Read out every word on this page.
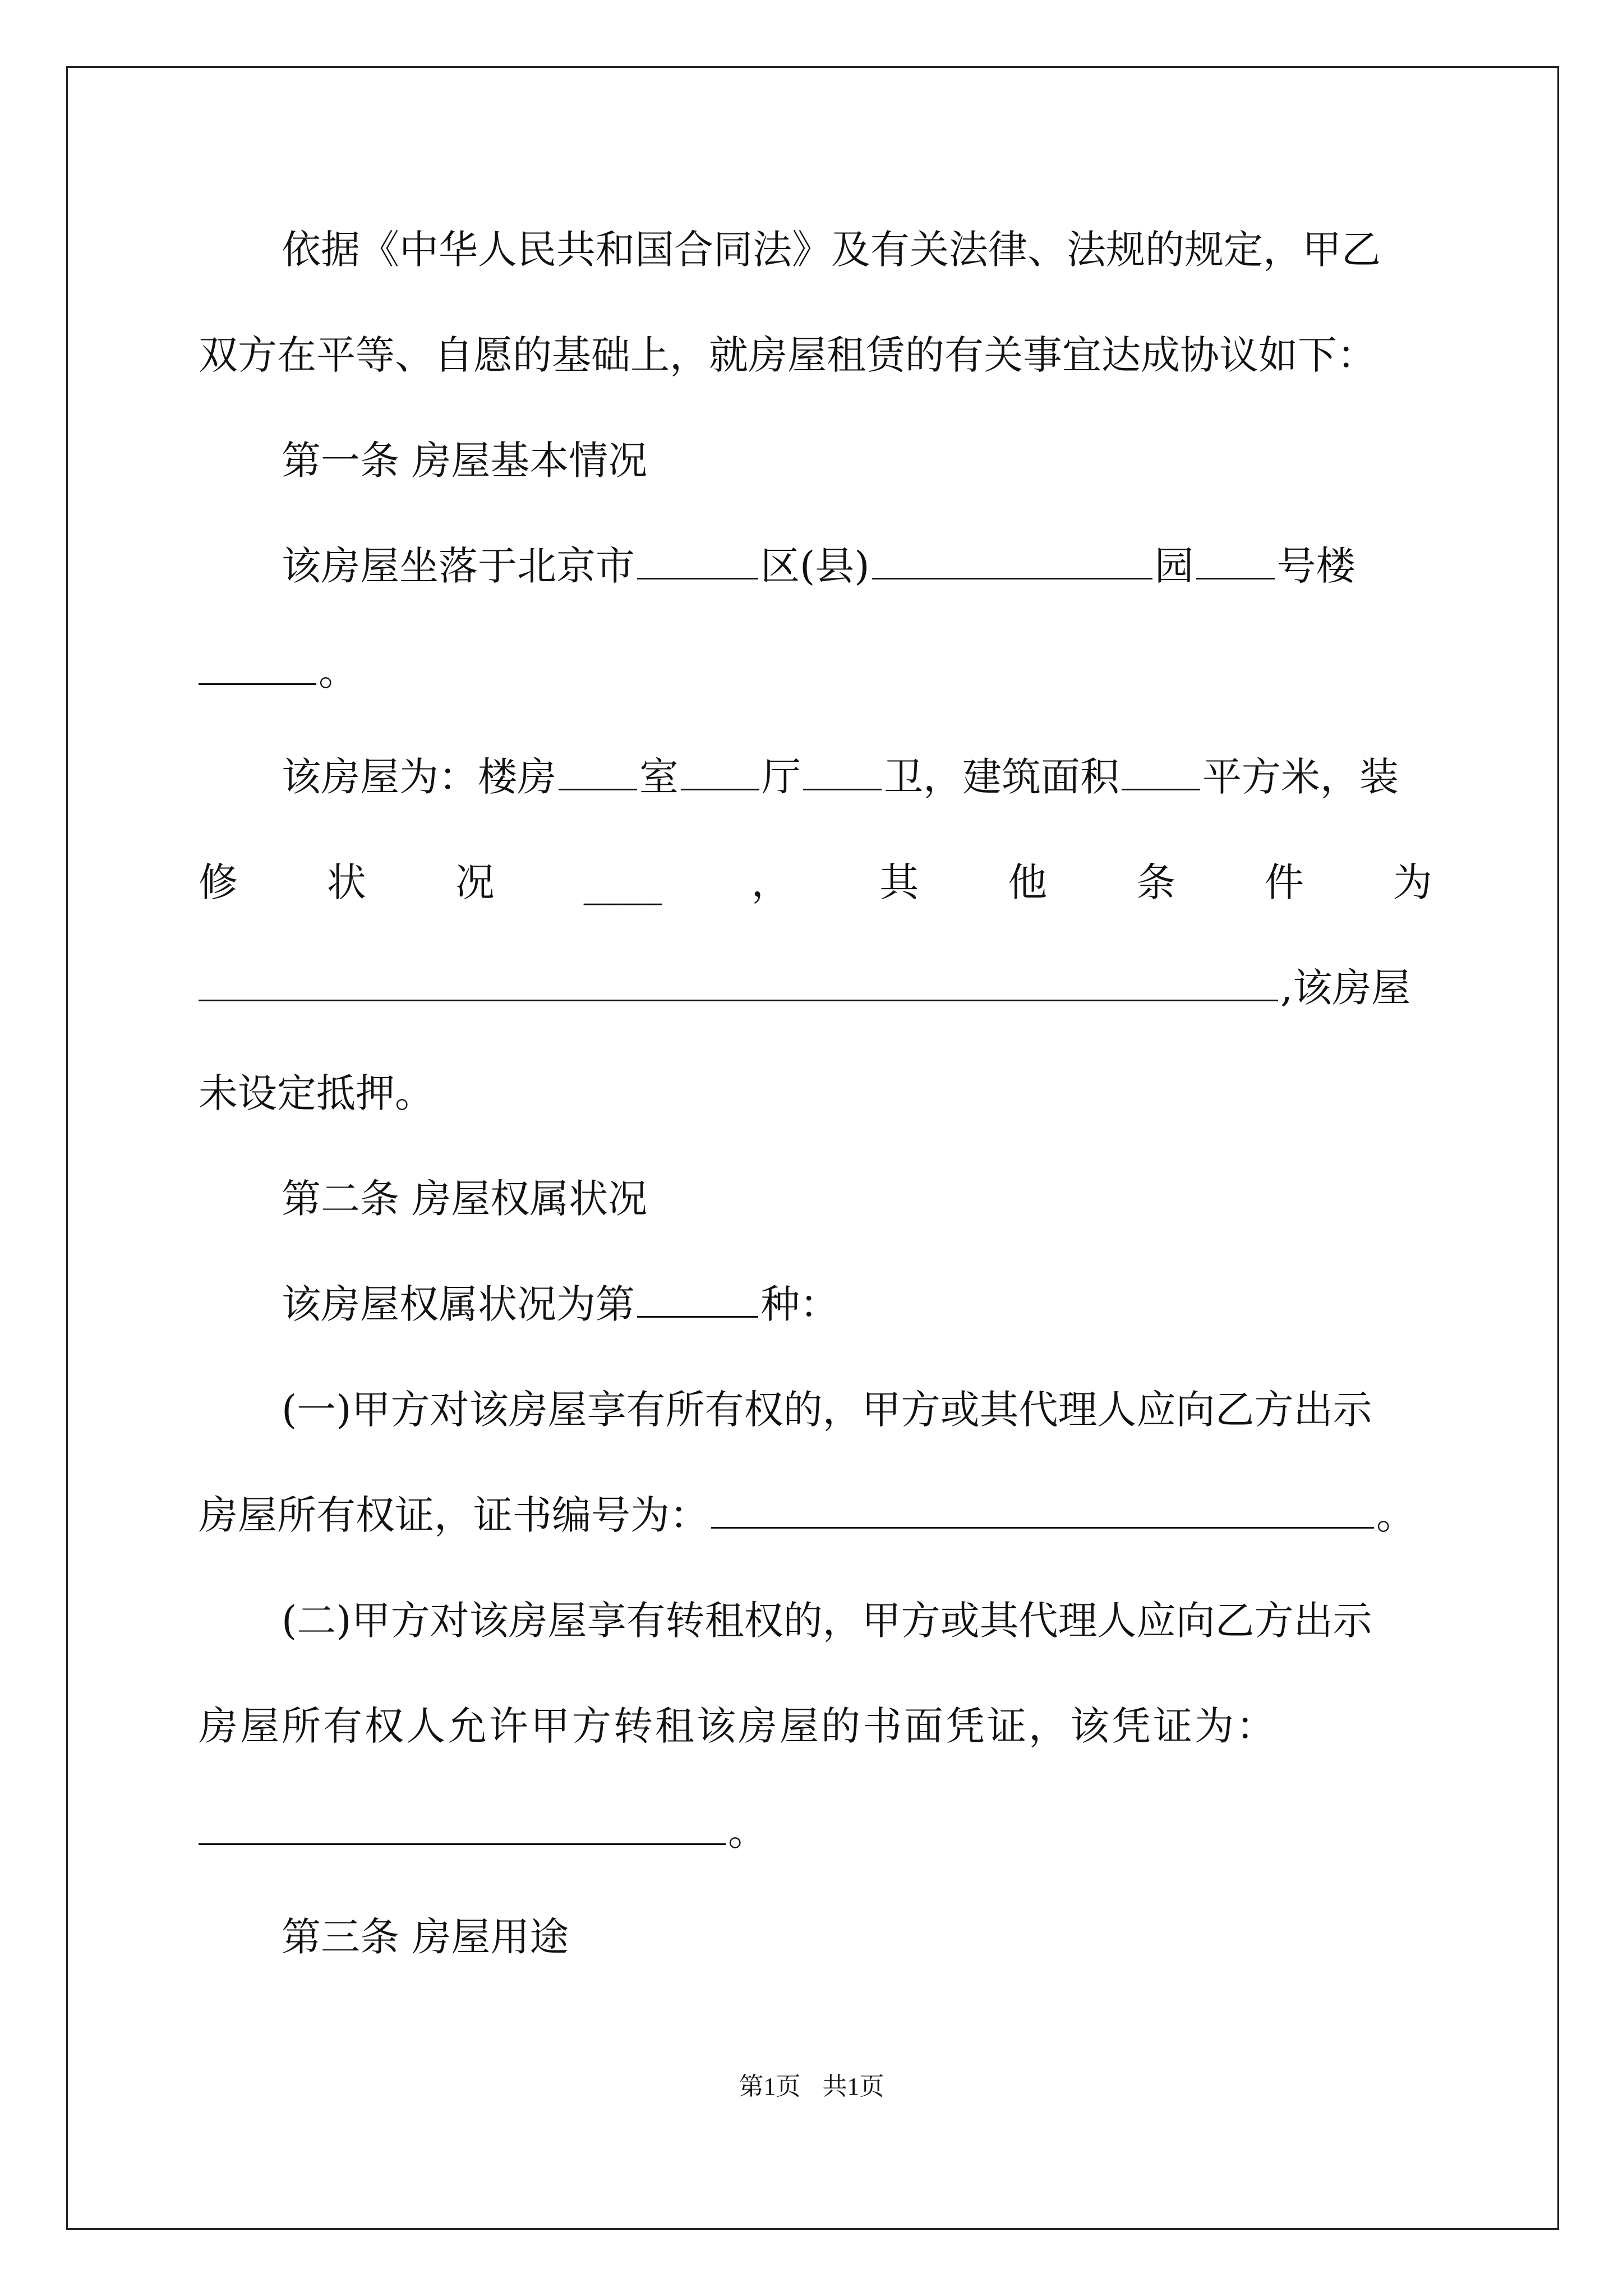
依据《中华人民共和国合同法》及有关法律、法规的规定，甲乙
双方在平等、自愿的基础上，就房屋租赁的有关事宜达成协议如下：
第一条 房屋基本情况
该房屋坐落于北京市	区(县)	园 号楼
。
该房屋为：楼房 室 厅 卫，建筑面积 平方米，装
修 状 况 ____ ， 其 他 条 件 为
,该房屋
未设定抵押。
第二条 房屋权属状况
该房屋权属状况为第	种：
(一)甲方对该房屋享有所有权的，甲方或其代理人应向乙方出示
房屋所有权证，证书编号为：	。
(二)甲方对该房屋享有转租权的，甲方或其代理人应向乙方出示
房屋所有权人允许甲方转租该房屋的书面凭证，该凭证为：
。
第三条 房屋用途
第1页 共1页
